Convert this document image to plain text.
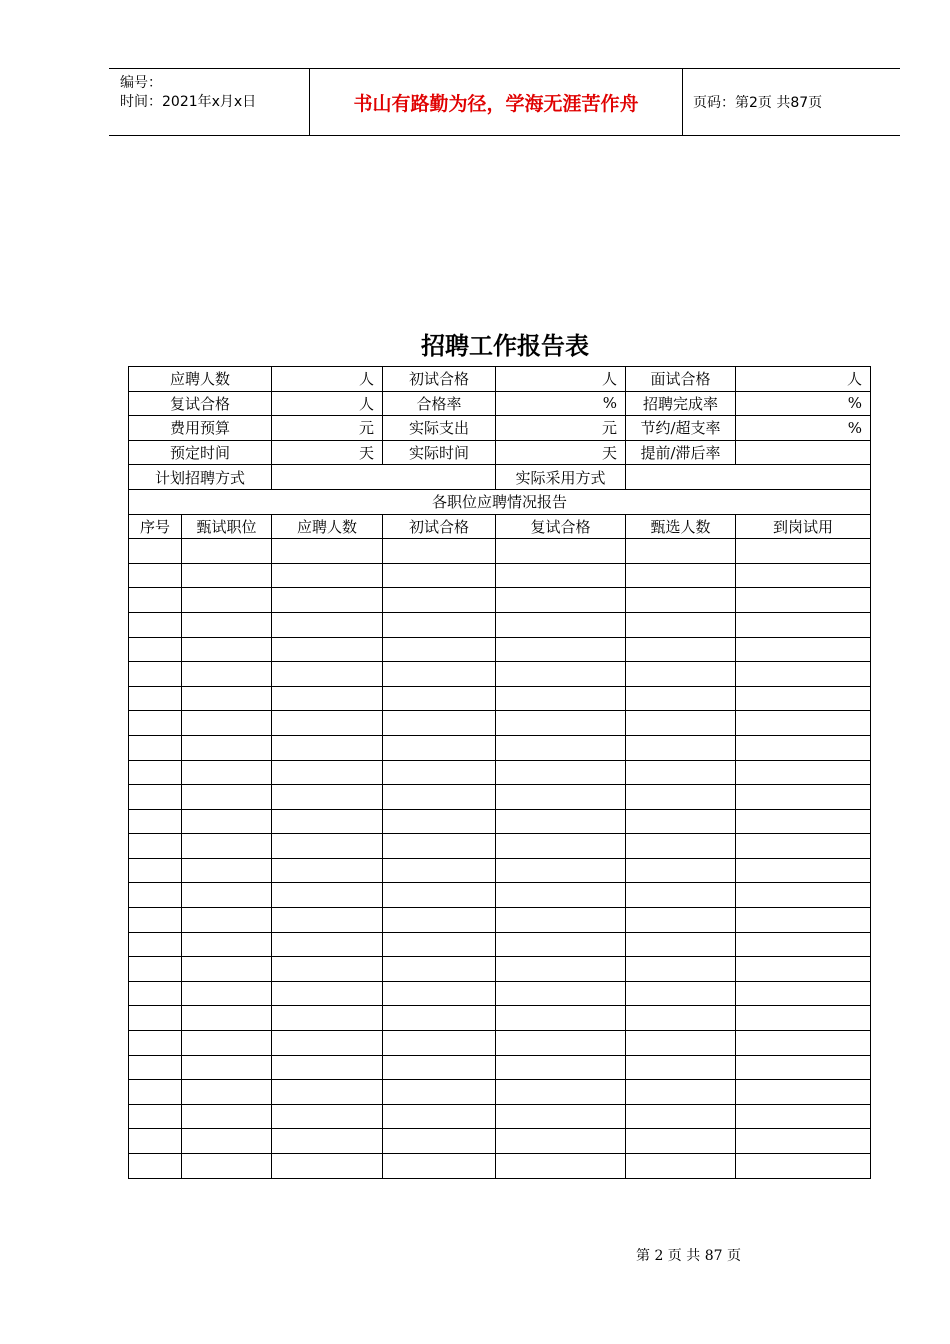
编号：
时间：2021年x月x日	书山有路勤为径，学海无涯苦作舟	页码：第2页 共87页
招聘工作报告表
应聘人数		人	初试合格	人	面试合格	人
复试合格		人	合格率	%	招聘完成率	%
费用预算		元	实际支出	元	节约/超支率	%
预定时间		天	实际时间	天	提前/滞后率	
计划招聘方式				实际采用方式		
各职位应聘情况报告						
序号	甄试职位	应聘人数	初试合格	复试合格	甄选人数	到岗试用

第 2 页 共 87 页
